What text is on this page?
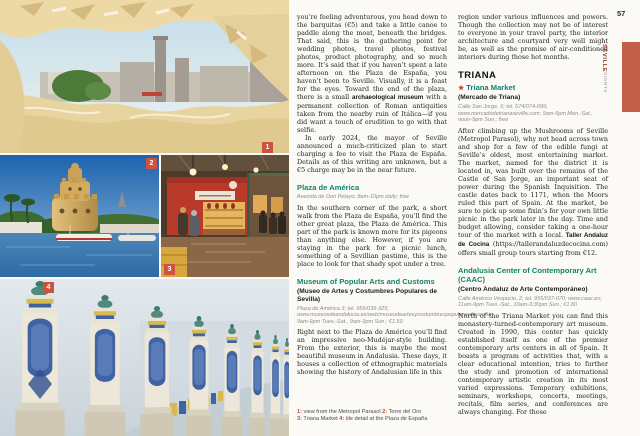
1
2
3
4

you’re feeling adventurous, you head down to the barquitas (€5) and take a little canoe to paddle along the moat, beneath the bridges. That said, this is the gathering point for wedding photos, travel photos, festival photos, product photography, and so much more. It’s said that if you haven’t spent a late afternoon on the Plaza de España, you haven’t been to Seville. Visually, it is a feast for the eyes. Toward the end of the plaza, there is a small archaeological museum with a permanent collection of Roman antiquities taken from the nearby ruin of Itálica—if you did want a touch of erudition to go with that selfie.

In early 2024, the mayor of Seville announced a much-criticized plan to start charging a fee to visit the Plaza de España. Details as of this writing are unknown, but a €5 charge may be in the near future.

Plaza de América

Avenida de Don Pelayo; 8am-10pm daily; free

In the southern corner of the park, a short walk from the Plaza de España, you’ll find the other great plaza, the Plaza de América. This part of the park is known more for its pigeons than anything else. However, if you are staying in the park for a picnic lunch, something of a Sevillian pastime, this is the place to look for that shady spot under a tree.

Museum of Popular Arts and Customs
(Museo de Artes y Costumbres Populares de Sevilla)

Plaza de América 3; tel. 955/035-325; www.museosdeandalucia.es/web/museodeartesycostumbrespopularesdesevilla; 9am-9pm Tues.-Sat., 9am-3pm Sun.; €1.50

Right next to the Plaza de América you’ll find an impressive neo-Mudéjar-style building. From the exterior, this is maybe the most beautiful museum in Andalusia. These days, it houses a collection of ethnographic materials showing the history of Andalusian life in this

1: view from the Metropol Parasol 2: Torre del Oro
3: Triana Market 4: tile detail at the Plaza de España

region under various influences and powers. Though the collection may not be of interest to everyone in your travel party, the interior architecture and courtyard very well might be, as well as the promise of air-conditioned interiors during those hot months.

TRIANA
★ Triana Market
(Mercado de Triana)

Calle San Jorge, 6; tel. 674/074-099; www.mercadodetrianasevilla.com; 9am-5pm Mon.-Sat., noon-5pm Sun.; free

After climbing up the Mushrooms of Seville (Metropol Parasol), why not head across town and shop for a few of the edible fungi at Seville’s oldest, most entertaining market. The market, named for the district it is located in, was built over the remains of the Castle of San Jorge, an important seat of power during the Spanish Inquisition. The castle dates back to 1171, when the Moors ruled this part of Spain. At the market, be sure to pick up some fixin’s for your own little picnic in the park later in the day. Time and budget allowing, consider taking a one-hour tour of the market with a local. Taller Andaluz de Cocina (https://tallerandaluzdecocina.com) offers small group tours starting from €12.

Andalusia Center of Contemporary Art (CAAC)
(Centro Andaluz de Arte Contemporáneo)

Calle Américo Vespucio, 2; tel. 955/037-070; www.caac.es; 11am-9pm Tues.-Sat., 10am-3:30pm Sun.; €1.80

North of the Triana Market you can find this monastery-turned-contemporary art museum. Created in 1990, this center has quickly established itself as one of the premier contemporary arts centers in all of Spain. It boasts a program of activities that, with a clear educational intention, tries to further the study and promotion of international contemporary artistic creation in its most varied expressions. Temporary exhibitions, seminars, workshops, concerts, meetings, recitals, film series, and conferences are always changing. For those

57
SEVILLE
SIGHTS
